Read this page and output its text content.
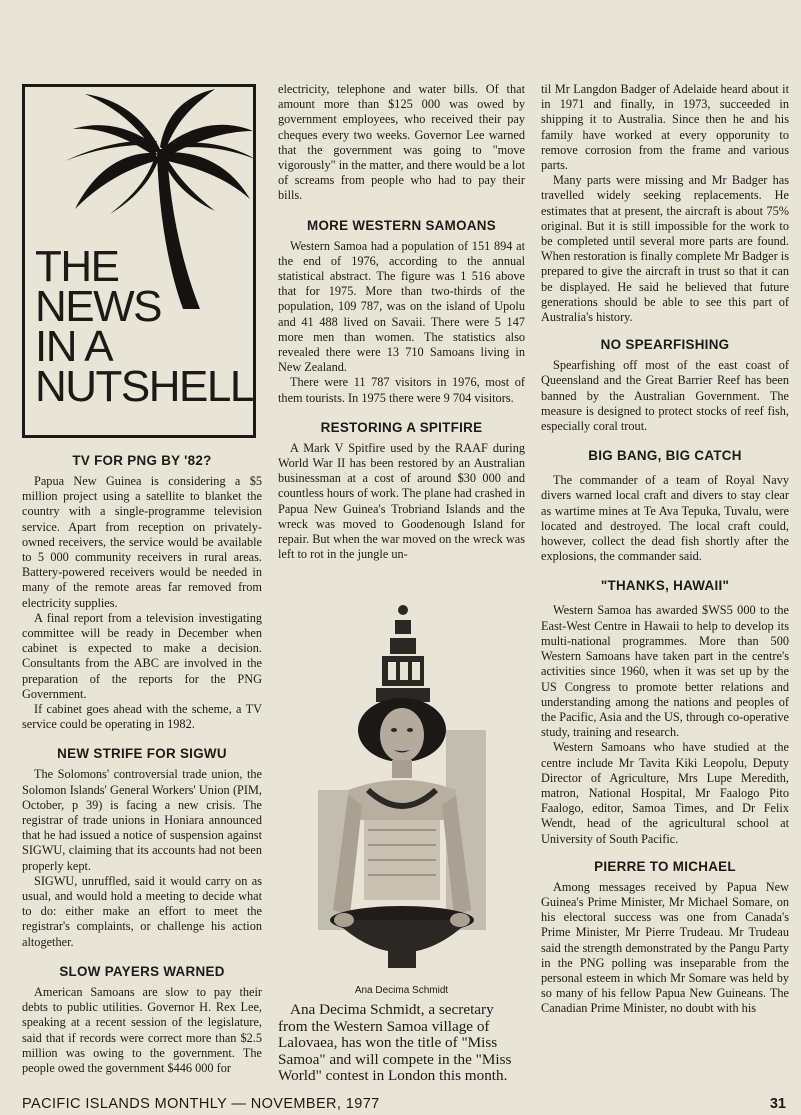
THE
NEWS
IN A
NUTSHELL
TV FOR PNG BY '82?

Papua New Guinea is considering a $5 million project using a satellite to blanket the country with a single-programme television service. Apart from reception on privately-owned receivers, the service would be available to 5 000 community receivers in rural areas. Battery-powered receivers would be needed in many of the remote areas far removed from electricity supplies.

A final report from a television investigating committee will be ready in December when cabinet is expected to make a decision. Consultants from the ABC are involved in the preparation of the reports for the PNG Government.

If cabinet goes ahead with the scheme, a TV service could be operating in 1982.

NEW STRIFE FOR SIGWU

The Solomons' controversial trade union, the Solomon Islands' General Workers' Union (PIM, October, p 39) is facing a new crisis. The registrar of trade unions in Honiara announced that he had issued a notice of suspension against SIGWU, claiming that its accounts had not been properly kept.

SIGWU, unruffled, said it would carry on as usual, and would hold a meeting to decide what to do: either make an effort to meet the registrar's complaints, or challenge his action altogether.

SLOW PAYERS WARNED

American Samoans are slow to pay their debts to public utilities. Governor H. Rex Lee, speaking at a recent session of the legislature, said that if records were correct more than $2.5 million was owing to the government. The people owed the government $446 000 for

electricity, telephone and water bills. Of that amount more than $125 000 was owed by government employees, who received their pay cheques every two weeks. Governor Lee warned that the government was going to "move vigorously" in the matter, and there would be a lot of screams from people who had to pay their bills.

MORE WESTERN SAMOANS

Western Samoa had a population of 151 894 at the end of 1976, according to the annual statistical abstract. The figure was 1 516 above that for 1975. More than two-thirds of the population, 109 787, was on the island of Upolu and 41 488 lived on Savaii. There were 5 147 more men than women. The statistics also revealed there were 13 710 Samoans living in New Zealand.

There were 11 787 visitors in 1976, most of them tourists. In 1975 there were 9 704 visitors.

RESTORING A SPITFIRE

A Mark V Spitfire used by the RAAF during World War II has been restored by an Australian businessman at a cost of around $30 000 and countless hours of work. The plane had crashed in Papua New Guinea's Trobriand Islands and the wreck was moved to Goodenough Island for repair. But when the war moved on the wreck was left to rot in the jungle un-

Ana Decima Schmidt

Ana Decima Schmidt, a secretary from the Western Samoa village of Lalovaea, has won the title of "Miss Samoa" and will compete in the "Miss World" contest in London this month.

til Mr Langdon Badger of Adelaide heard about it in 1971 and finally, in 1973, succeeded in shipping it to Australia. Since then he and his family have worked at every opporunity to remove corrosion from the frame and various parts.

Many parts were missing and Mr Badger has travelled widely seeking replacements. He estimates that at present, the aircraft is about 75% original. But it is still impossible for the work to be completed until several more parts are found. When restoration is finally complete Mr Badger is prepared to give the aircraft in trust so that it can be displayed. He said he believed that future generations should be able to see this part of Australia's history.

NO SPEARFISHING

Spearfishing off most of the east coast of Queensland and the Great Barrier Reef has been banned by the Australian Government. The measure is designed to protect stocks of reef fish, especially coral trout.

BIG BANG, BIG CATCH

The commander of a team of Royal Navy divers warned local craft and divers to stay clear as wartime mines at Te Ava Tepuka, Tuvalu, were located and destroyed. The local craft could, however, collect the dead fish shortly after the explosions, the commander said.

"THANKS, HAWAII"

Western Samoa has awarded $WS5 000 to the East-West Centre in Hawaii to help to develop its multi-national programmes. More than 500 Western Samoans have taken part in the centre's activities since 1960, when it was set up by the US Congress to promote better relations and understanding among the nations and peoples of the Pacific, Asia and the US, through co-operative study, training and research.

Western Samoans who have studied at the centre include Mr Tavita Kiki Leopolu, Deputy Director of Agriculture, Mrs Lupe Meredith, matron, National Hospital, Mr Faalogo Pito Faalogo, editor, Samoa Times, and Dr Felix Wendt, head of the agricultural school at University of South Pacific.

PIERRE TO MICHAEL

Among messages received by Papua New Guinea's Prime Minister, Mr Michael Somare, on his electoral success was one from Canada's Prime Minister, Mr Pierre Trudeau. Mr Trudeau said the strength demonstrated by the Pangu Party in the PNG polling was inseparable from the personal esteem in which Mr Somare was held by so many of his fellow Papua New Guineans. The Canadian Prime Minister, no doubt with his

PACIFIC ISLANDS MONTHLY — NOVEMBER, 1977	31
